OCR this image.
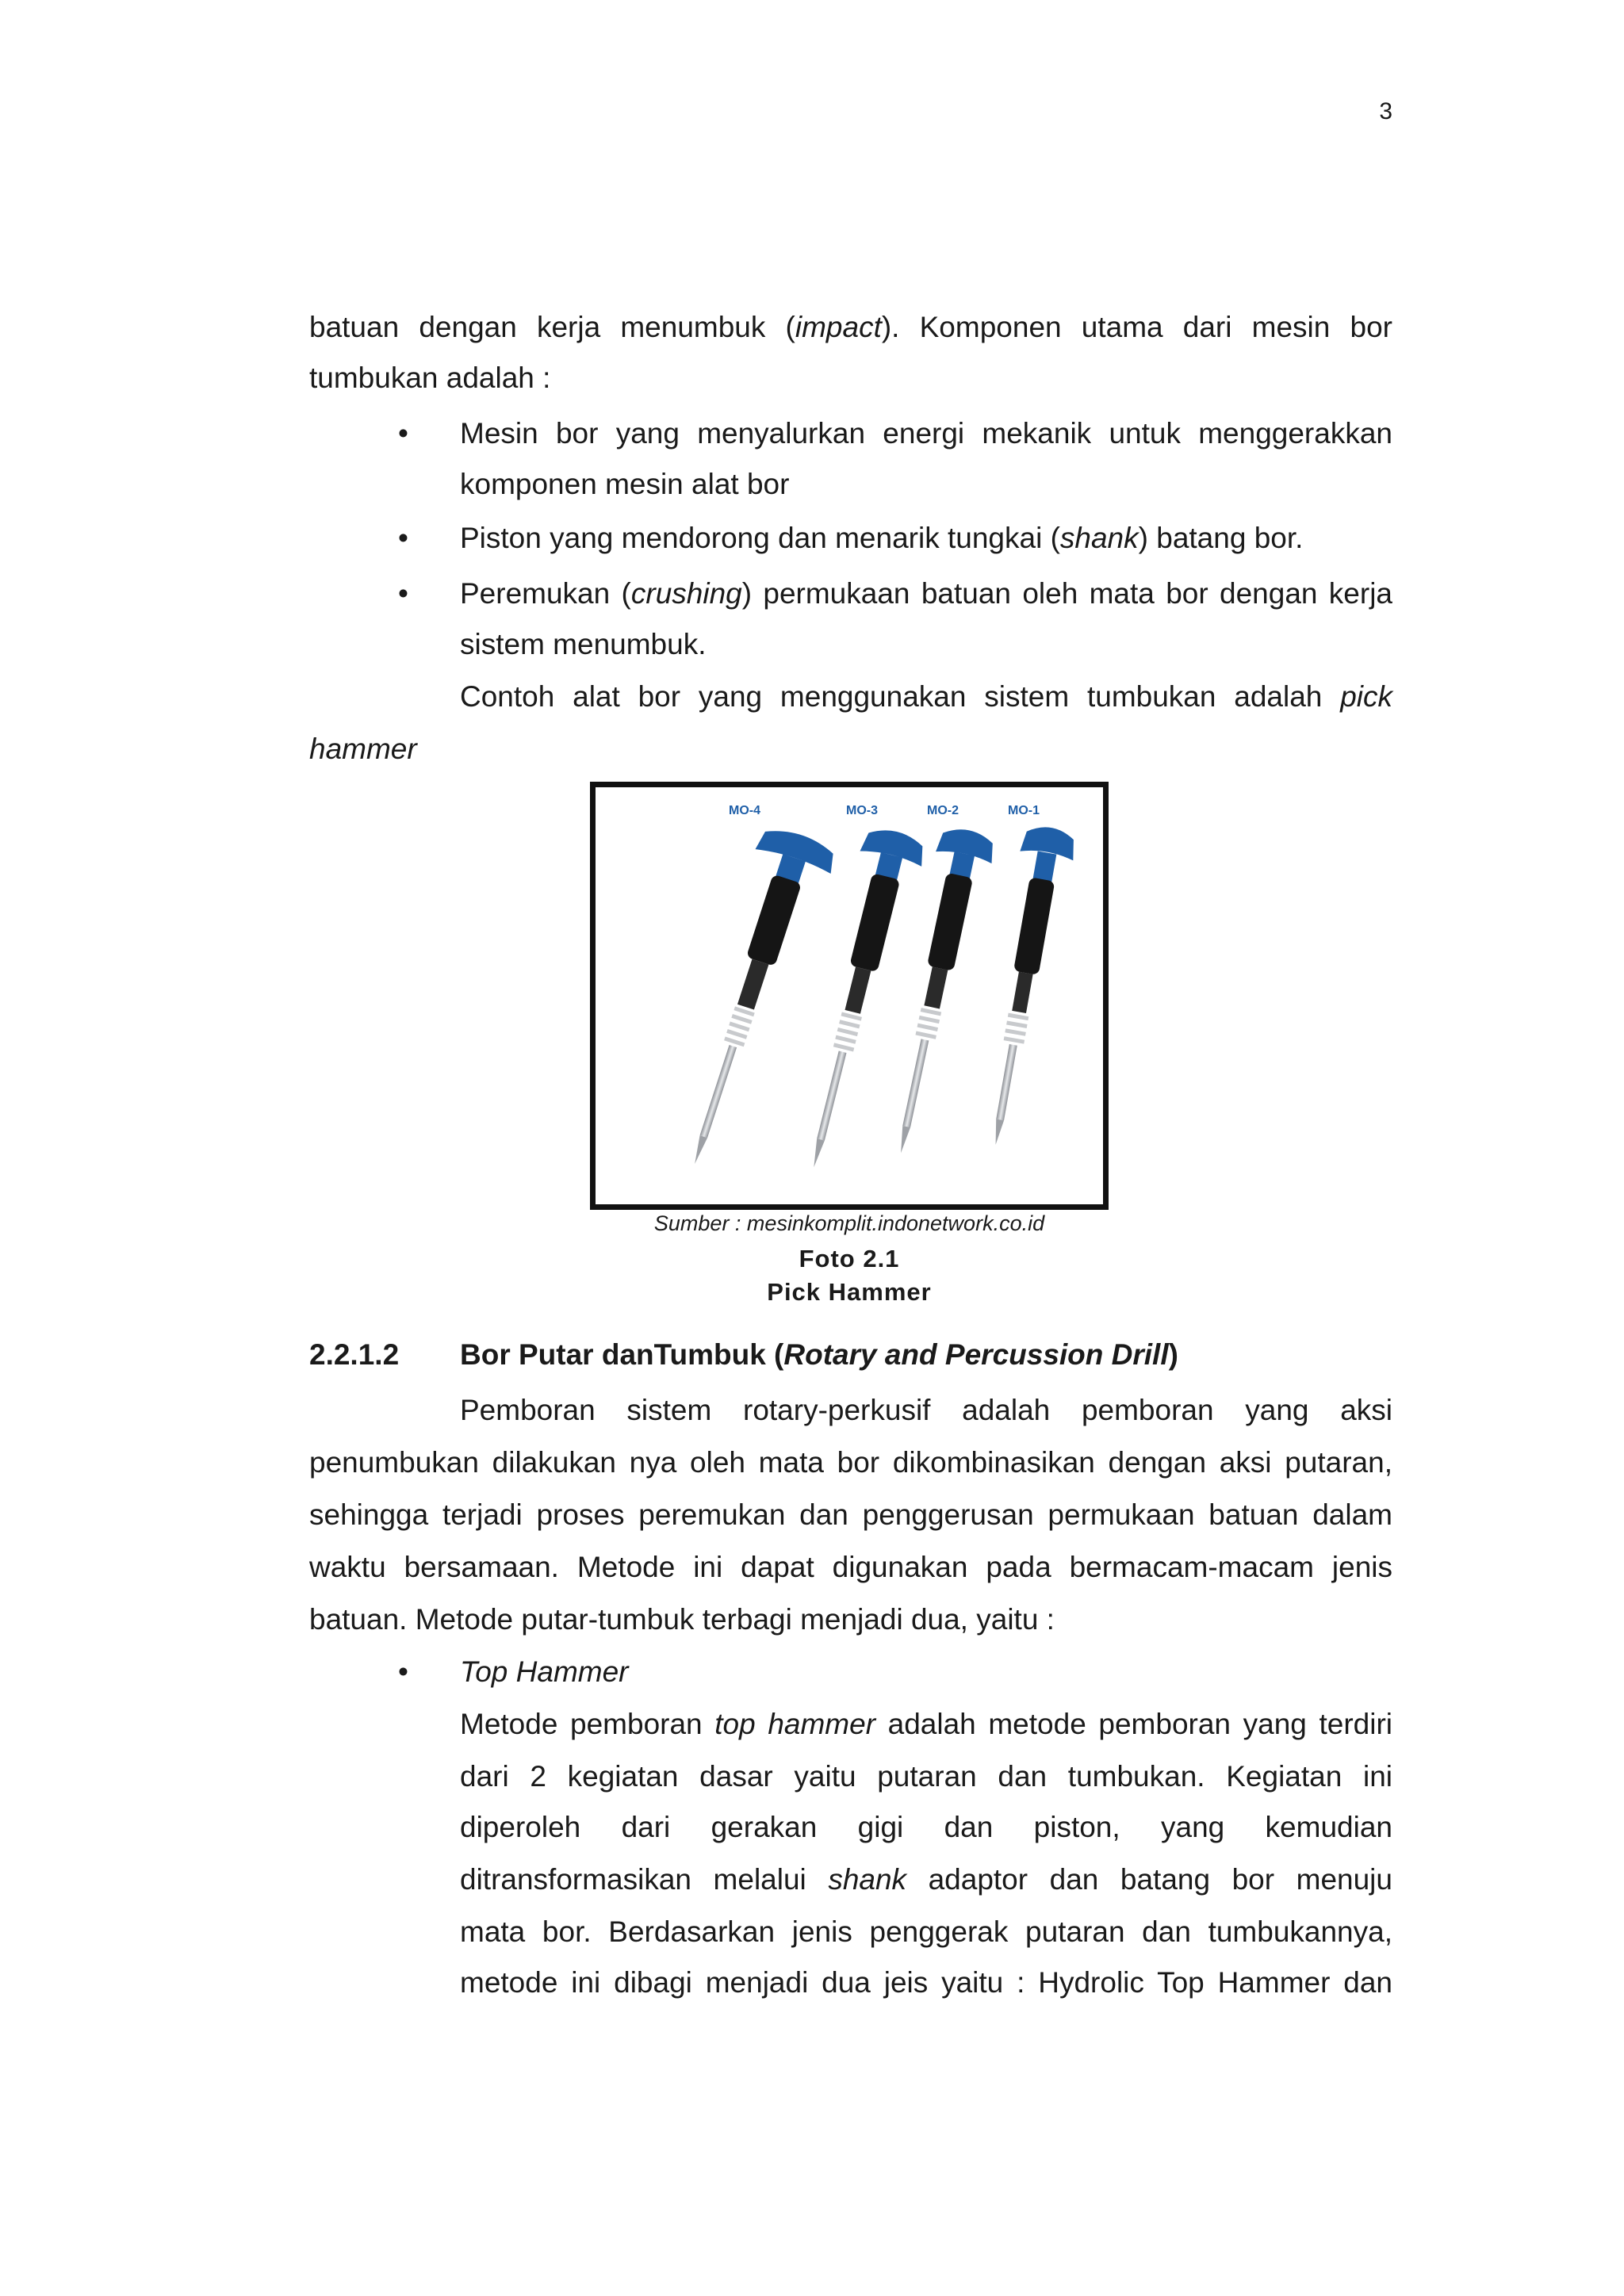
3

batuan dengan kerja menumbuk (impact). Komponen utama dari mesin bor

tumbukan adalah :

• Mesin bor yang menyalurkan energi mekanik untuk menggerakkan

komponen mesin alat bor

• Piston yang mendorong dan menarik tungkai (shank) batang bor.

• Peremukan (crushing) permukaan batuan oleh mata bor dengan kerja

sistem menumbuk.

Contoh alat bor yang menggunakan sistem tumbukan adalah pick

hammer

MO-4	MO-3	MO-2	MO-1
Sumber : mesinkomplit.indonetwork.co.id
Foto 2.1
Pick Hammer
2.2.1.2 Bor Putar danTumbuk (Rotary and Percussion Drill)

Pemboran sistem rotary-perkusif adalah pemboran yang aksi

penumbukan dilakukan nya oleh mata bor dikombinasikan dengan aksi putaran,

sehingga terjadi proses peremukan dan penggerusan permukaan batuan dalam

waktu bersamaan. Metode ini dapat digunakan pada bermacam-macam jenis

batuan. Metode putar-tumbuk terbagi menjadi dua, yaitu :

• Top Hammer

Metode pemboran top hammer adalah metode pemboran yang terdiri

dari 2 kegiatan dasar yaitu putaran dan tumbukan. Kegiatan ini

diperoleh dari gerakan gigi dan piston, yang kemudian

ditransformasikan melalui shank adaptor dan batang bor menuju

mata bor. Berdasarkan jenis penggerak putaran dan tumbukannya,

metode ini dibagi menjadi dua jeis yaitu : Hydrolic Top Hammer dan
